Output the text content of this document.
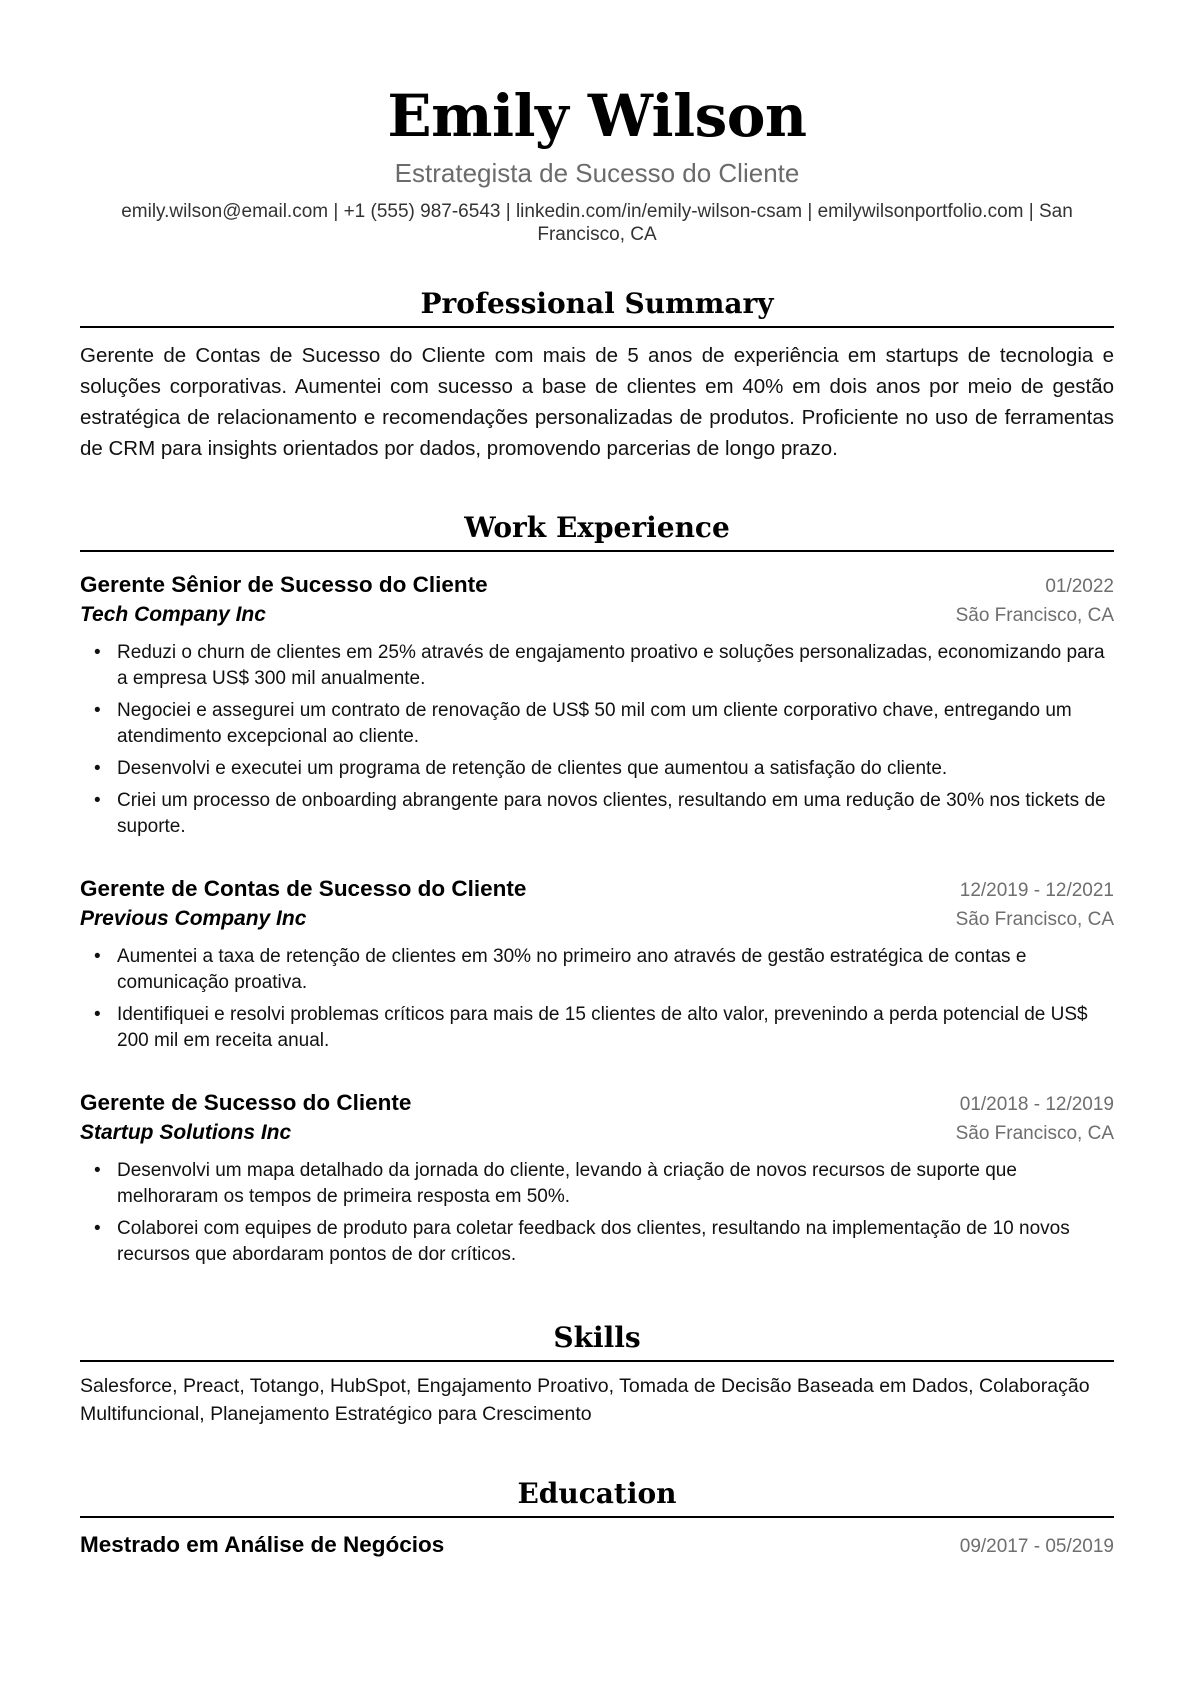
Emily Wilson
Estrategista de Sucesso do Cliente
emily.wilson@email.com | +1 (555) 987-6543 | linkedin.com/in/emily-wilson-csam | emilywilsonportfolio.com | San Francisco, CA
Professional Summary

Gerente de Contas de Sucesso do Cliente com mais de 5 anos de experiência em startups de tecnologia e soluções corporativas. Aumentei com sucesso a base de clientes em 40% em dois anos por meio de gestão estratégica de relacionamento e recomendações personalizadas de produtos. Proficiente no uso de ferramentas de CRM para insights orientados por dados, promovendo parcerias de longo prazo.

Work Experience
Gerente Sênior de Sucesso do Cliente	01/2022
Tech Company Inc	São Francisco, CA
• Reduzi o churn de clientes em 25% através de engajamento proativo e soluções personalizadas, economizando para a empresa US$ 300 mil anualmente.
• Negociei e assegurei um contrato de renovação de US$ 50 mil com um cliente corporativo chave, entregando um atendimento excepcional ao cliente.
• Desenvolvi e executei um programa de retenção de clientes que aumentou a satisfação do cliente.
• Criei um processo de onboarding abrangente para novos clientes, resultando em uma redução de 30% nos tickets de suporte.
Gerente de Contas de Sucesso do Cliente	12/2019 - 12/2021
Previous Company Inc	São Francisco, CA
• Aumentei a taxa de retenção de clientes em 30% no primeiro ano através de gestão estratégica de contas e comunicação proativa.
• Identifiquei e resolvi problemas críticos para mais de 15 clientes de alto valor, prevenindo a perda potencial de US$ 200 mil em receita anual.
Gerente de Sucesso do Cliente	01/2018 - 12/2019
Startup Solutions Inc	São Francisco, CA
• Desenvolvi um mapa detalhado da jornada do cliente, levando à criação de novos recursos de suporte que melhoraram os tempos de primeira resposta em 50%.
• Colaborei com equipes de produto para coletar feedback dos clientes, resultando na implementação de 10 novos recursos que abordaram pontos de dor críticos.
Skills

Salesforce, Preact, Totango, HubSpot, Engajamento Proativo, Tomada de Decisão Baseada em Dados, Colaboração Multifuncional, Planejamento Estratégico para Crescimento

Education
Mestrado em Análise de Negócios	09/2017 - 05/2019
